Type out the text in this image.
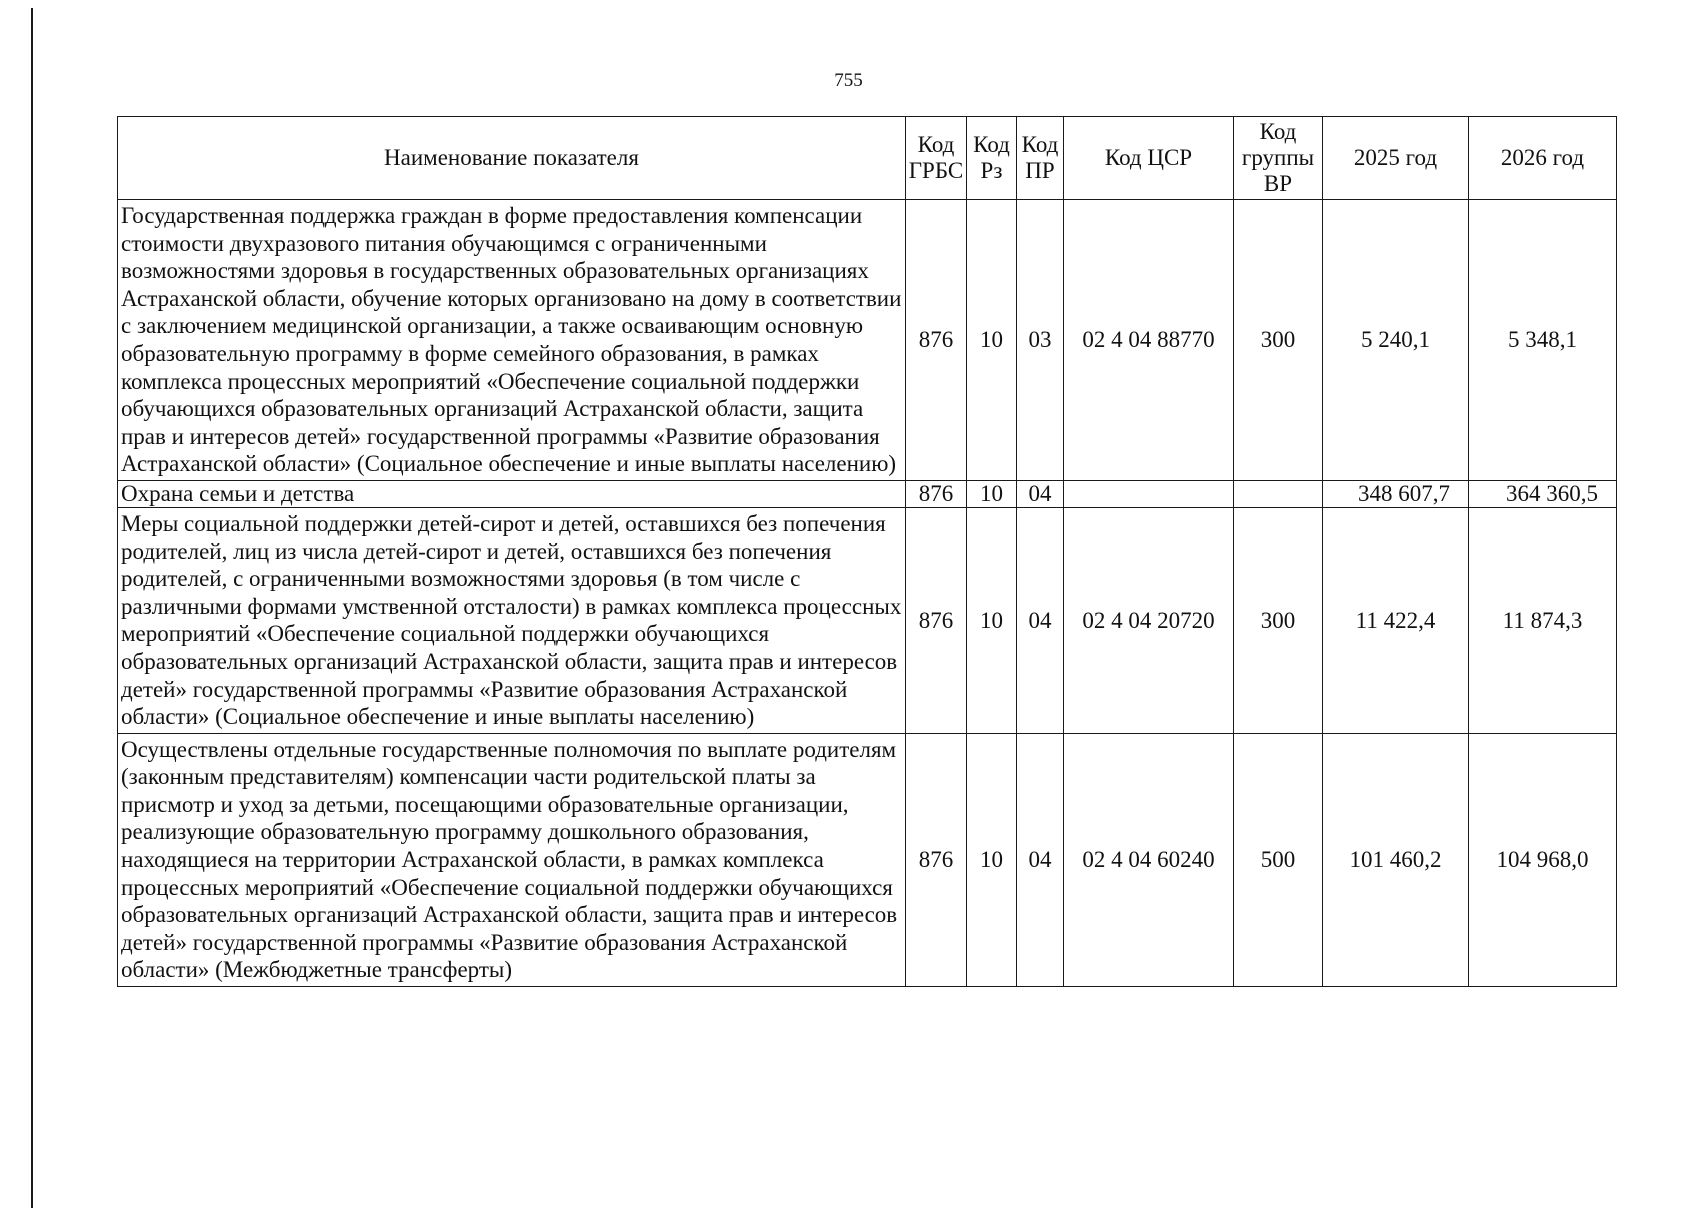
755
Наименование показателя	Код ГРБС	Код Рз	Код ПР	Код ЦСР	Код группы ВР	2025 год	2026 год
Государственная поддержка граждан в форме предоставления компенсации стоимости двухразового питания обучающимся с ограниченными возможностями здоровья в государственных образовательных организациях Астраханской области, обучение которых организовано на дому в соответствии с заключением медицинской организации, а также осваивающим основную образовательную программу в форме семейного образования, в рамках комплекса процессных мероприятий «Обеспечение социальной поддержки обучающихся образовательных организаций Астраханской области, защита прав и интересов детей» государственной программы «Развитие образования Астраханской области» (Социальное обеспечение и иные выплаты населению)	876	10	03	02 4 04 88770	300	5 240,1	5 348,1
Охрана семьи и детства	876	10	04			348 607,7	364 360,5
Меры социальной поддержки детей-сирот и детей, оставшихся без попечения родителей, лиц из числа детей-сирот и детей, оставшихся без попечения родителей, с ограниченными возможностями здоровья (в том числе с различными формами умственной отсталости) в рамках комплекса процессных мероприятий «Обеспечение социальной поддержки обучающихся образовательных организаций Астраханской области, защита прав и интересов детей» государственной программы «Развитие образования Астраханской области» (Социальное обеспечение и иные выплаты населению)	876	10	04	02 4 04 20720	300	11 422,4	11 874,3
Осуществлены отдельные государственные полномочия по выплате родителям (законным представителям) компенсации части родительской платы за присмотр и уход за детьми, посещающими образовательные организации, реализующие образовательную программу дошкольного образования, находящиеся на территории Астраханской области, в рамках комплекса процессных мероприятий «Обеспечение социальной поддержки обучающихся образовательных организаций Астраханской области, защита прав и интересов детей» государственной программы «Развитие образования Астраханской области» (Межбюджетные трансферты)	876	10	04	02 4 04 60240	500	101 460,2	104 968,0
